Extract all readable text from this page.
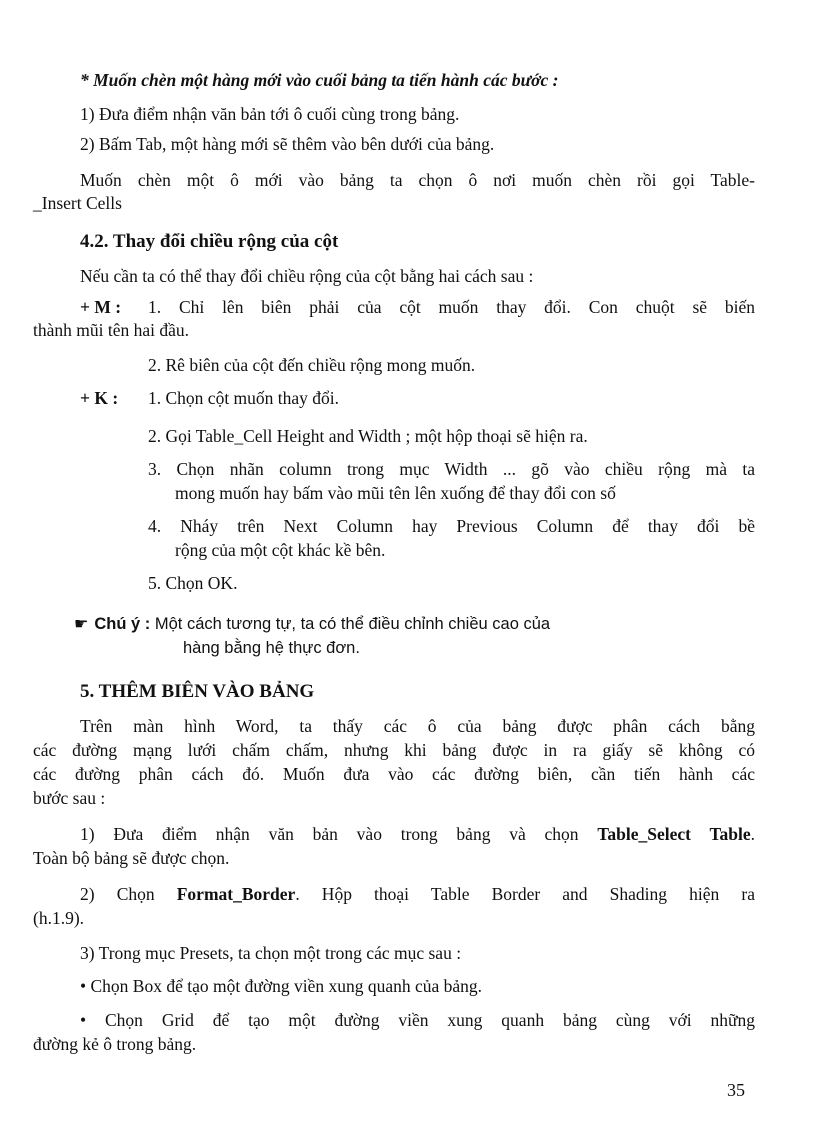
* Muốn chèn một hàng mới vào cuối bảng ta tiến hành các bước :
1) Đưa điểm nhận văn bản tới ô cuối cùng trong bảng.
2) Bấm Tab, một hàng mới sẽ thêm vào bên dưới của bảng.
Muốn chèn một ô mới vào bảng ta chọn ô nơi muốn chèn rồi gọi Table-
_Insert Cells
4.2. Thay đổi chiều rộng của cột
Nếu cần ta có thể thay đổi chiều rộng của cột bằng hai cách sau :
+ M : 1. Chỉ lên biên phải của cột muốn thay đổi. Con chuột sẽ biến
thành mũi tên hai đầu.
2. Rê biên của cột đến chiều rộng mong muốn.
+ K : 1. Chọn cột muốn thay đổi.
2. Gọi Table_Cell Height and Width ; một hộp thoại sẽ hiện ra.
3. Chọn nhãn column trong mục Width ... gõ vào chiều rộng mà ta
mong muốn hay bấm vào mũi tên lên xuống để thay đổi con số
4. Nháy trên Next Column hay Previous Column để thay đổi bề
rộng của một cột khác kề bên.
5. Chọn OK.
☛ Chú ý : Một cách tương tự, ta có thể điều chỉnh chiều cao của
hàng bằng hệ thực đơn.
5. THÊM BIÊN VÀO BẢNG
Trên màn hình Word, ta thấy các ô của bảng được phân cách bằng
các đường mạng lưới chấm chấm, nhưng khi bảng được in ra giấy sẽ không có
các đường phân cách đó. Muốn đưa vào các đường biên, cần tiến hành các
bước sau :
1) Đưa điểm nhận văn bản vào trong bảng và chọn Table_Select Table.
Toàn bộ bảng sẽ được chọn.
2) Chọn Format_Border. Hộp thoại Table Border and Shading hiện ra
(h.1.9).
3) Trong mục Presets, ta chọn một trong các mục sau :
• Chọn Box để tạo một đường viền xung quanh của bảng.
• Chọn Grid để tạo một đường viền xung quanh bảng cùng với những
đường kẻ ô trong bảng.
35
